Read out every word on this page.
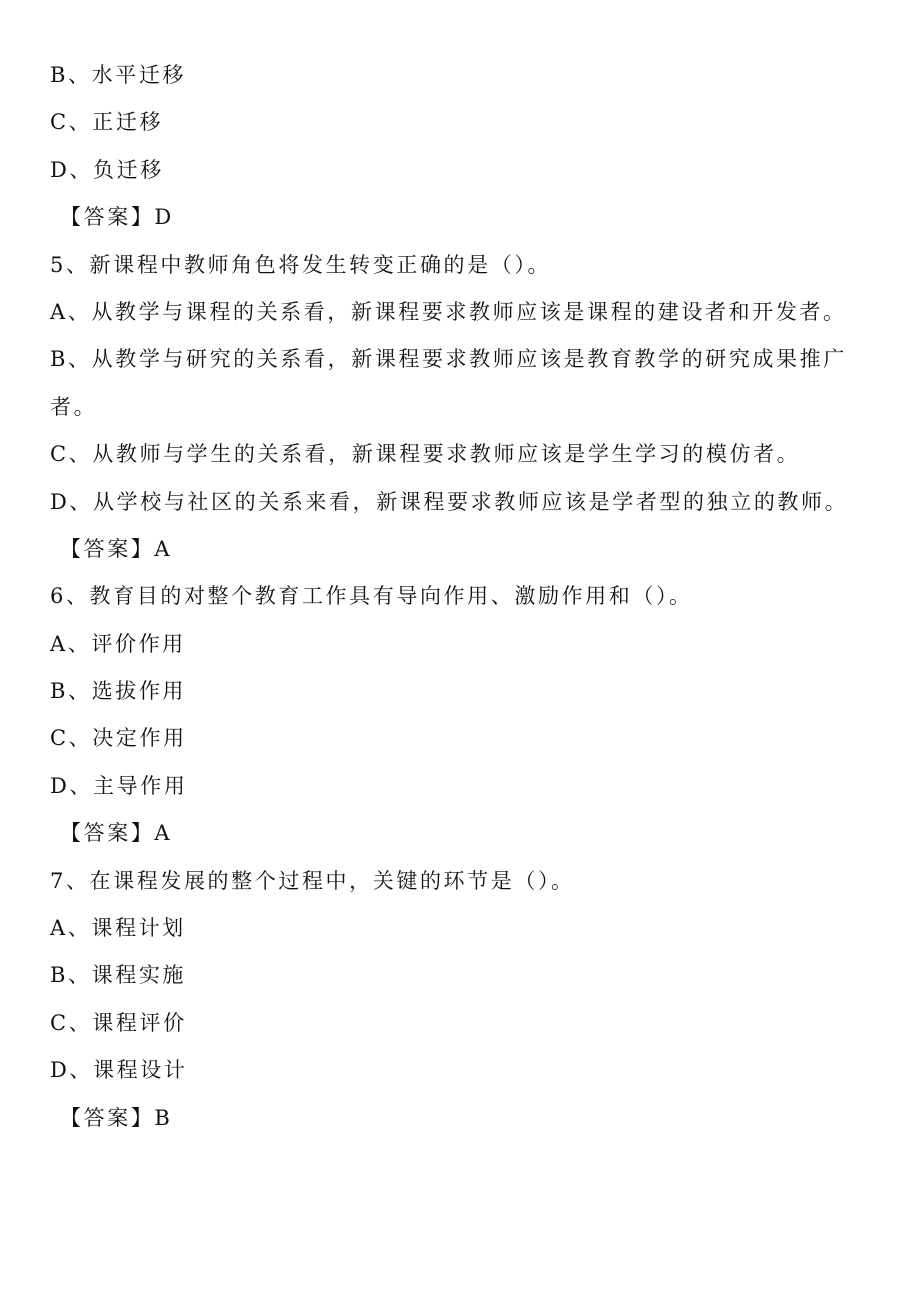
B、水平迁移
C、正迁移
D、负迁移
【答案】D
5、新课程中教师角色将发生转变正确的是（）。
A、从教学与课程的关系看，新课程要求教师应该是课程的建设者和开发者。
B、从教学与研究的关系看，新课程要求教师应该是教育教学的研究成果推广
者。
C、从教师与学生的关系看，新课程要求教师应该是学生学习的模仿者。
D、从学校与社区的关系来看，新课程要求教师应该是学者型的独立的教师。
【答案】A
6、教育目的对整个教育工作具有导向作用、激励作用和（）。
A、评价作用
B、选拔作用
C、决定作用
D、主导作用
【答案】A
7、在课程发展的整个过程中，关键的环节是（）。
A、课程计划
B、课程实施
C、课程评价
D、课程设计
【答案】B
